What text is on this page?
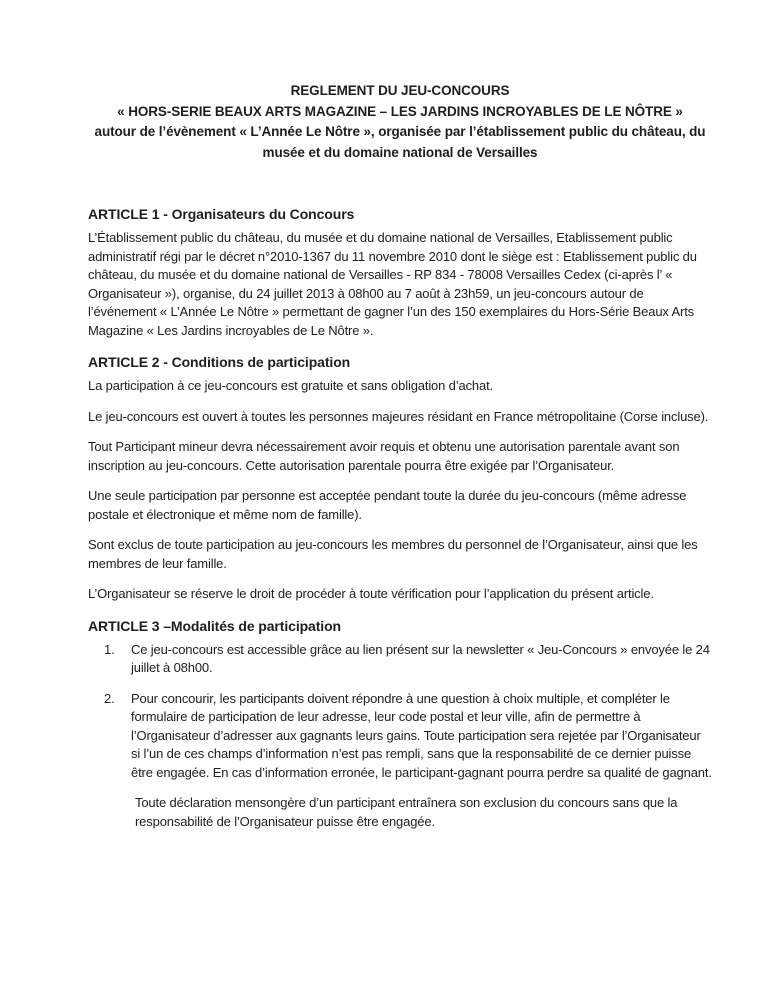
REGLEMENT DU JEU-CONCOURS
« HORS-SERIE BEAUX ARTS MAGAZINE – LES JARDINS INCROYABLES DE LE NÔTRE »
autour de l’évènement « L’Année Le Nôtre », organisée par l’établissement public du château, du musée et du domaine national de Versailles
ARTICLE 1 - Organisateurs du Concours

L’Établissement public du château, du musée et du domaine national de Versailles, Etablissement public administratif régi par le décret n°2010-1367 du 11 novembre 2010 dont le siège est : Etablissement public du château, du musée et du domaine national de Versailles - RP 834 - 78008 Versailles Cedex (ci-après l’ « Organisateur »), organise, du 24 juillet 2013 à 08h00 au 7 août à 23h59, un jeu-concours autour de l’événement « L’Année Le Nôtre » permettant de gagner l’un des 150 exemplaires du Hors-Série Beaux Arts Magazine « Les Jardins incroyables de Le Nôtre ».

ARTICLE 2 - Conditions de participation

La participation à ce jeu-concours est gratuite et sans obligation d’achat.

Le jeu-concours est ouvert à toutes les personnes majeures résidant en France métropolitaine (Corse incluse).

Tout Participant mineur devra nécessairement avoir requis et obtenu une autorisation parentale avant son inscription au jeu-concours. Cette autorisation parentale pourra être exigée par l’Organisateur.

Une seule participation par personne est acceptée pendant toute la durée du jeu-concours (même adresse postale et électronique et même nom de famille).

Sont exclus de toute participation au jeu-concours les membres du personnel de l’Organisateur, ainsi que les membres de leur famille.

L’Organisateur se réserve le droit de procéder à toute vérification pour l’application du présent article.

ARTICLE 3 –Modalités de participation
1.	Ce jeu-concours est accessible grâce au lien présent sur la newsletter « Jeu-Concours » envoyée le 24 juillet à 08h00.
2.	Pour concourir, les participants doivent répondre à une question à choix multiple, et compléter le formulaire de participation de leur adresse, leur code postal et leur ville, afin de permettre à l’Organisateur d’adresser aux gagnants leurs gains. Toute participation sera rejetée par l’Organisateur si l’un de ces champs d’information n’est pas rempli, sans que la responsabilité de ce dernier puisse être engagée. En cas d’information erronée, le participant-gagnant pourra perdre sa qualité de gagnant.

Toute déclaration mensongère d’un participant entraînera son exclusion du concours sans que la responsabilité de l’Organisateur puisse être engagée.
